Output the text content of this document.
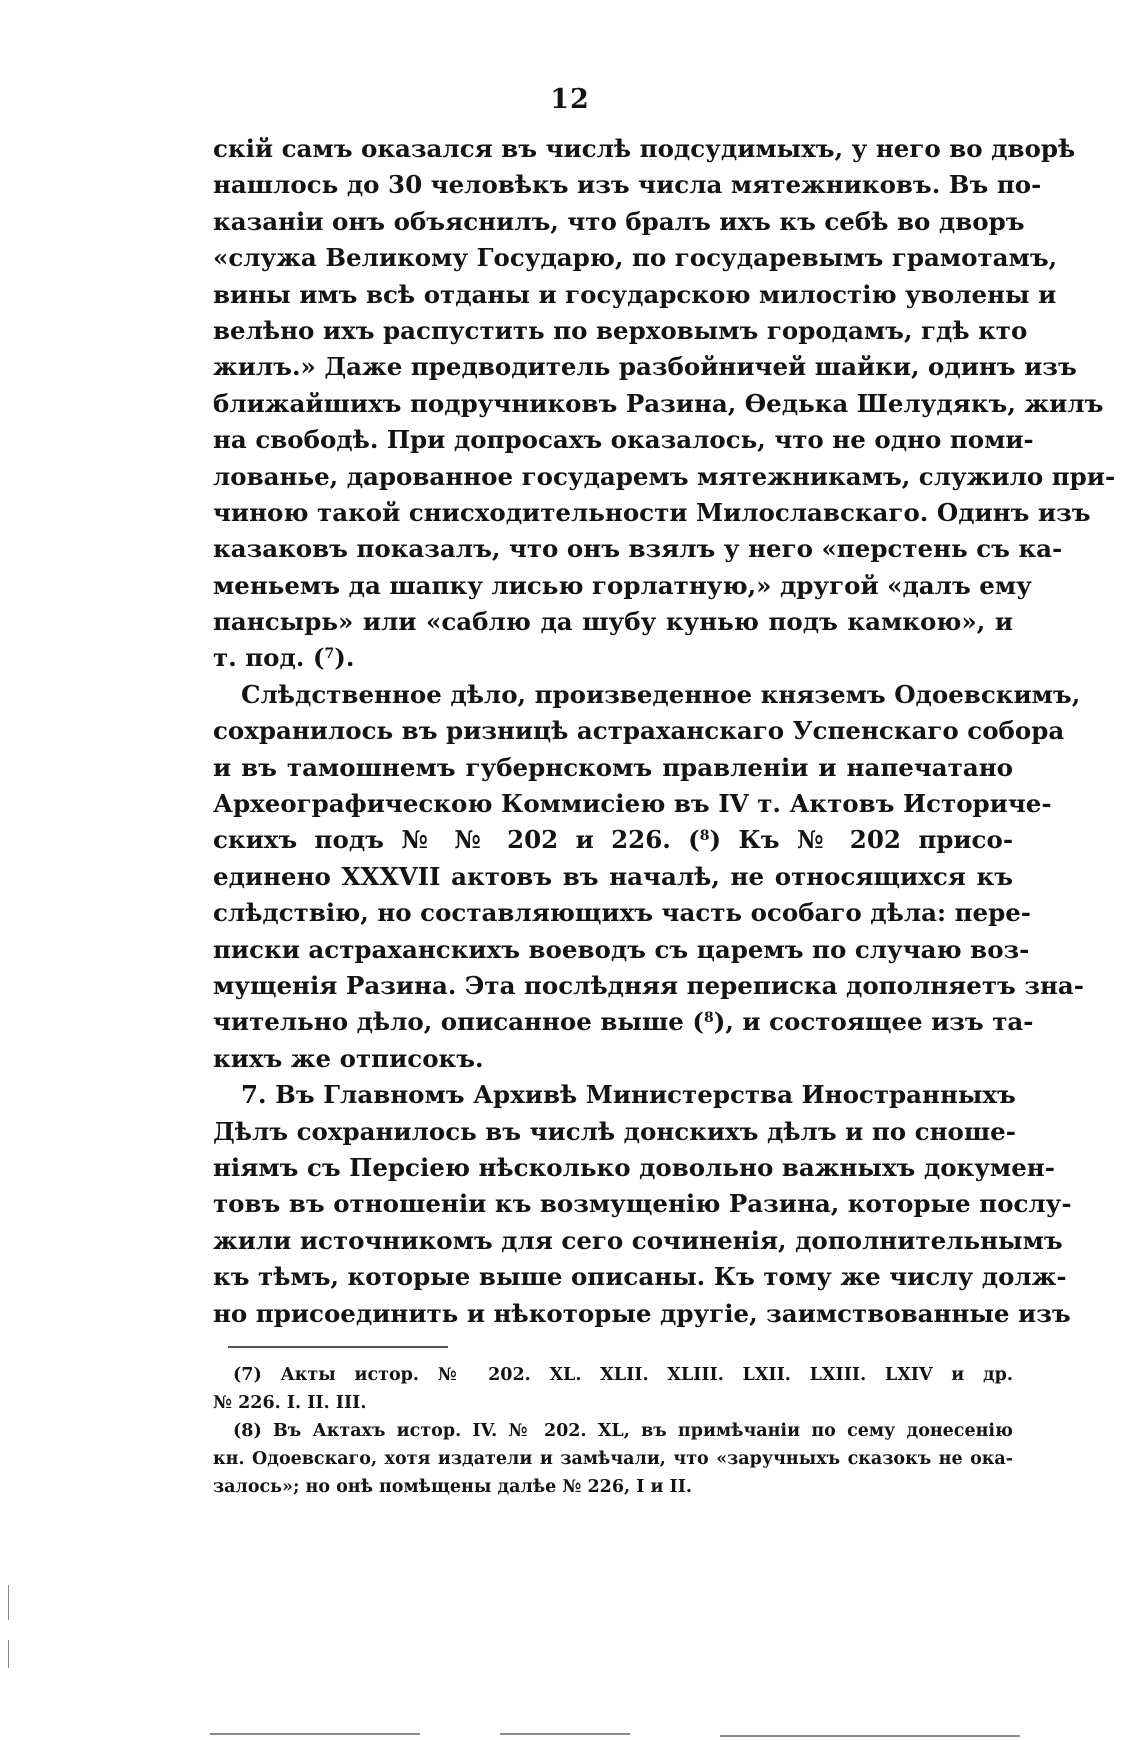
12
скій самъ оказался въ числѣ подсудимыхъ, у него во дворѣ
нашлось до 30 человѣкъ изъ числа мятежниковъ. Въ по-
казаніи онъ объяснилъ, что бралъ ихъ къ себѣ во дворъ
«служа Великому Государю, по государевымъ грамотамъ,
вины имъ всѣ отданы и государскою милостію уволены и
велѣно ихъ распустить по верховымъ городамъ, гдѣ кто
жилъ.» Даже предводитель разбойничей шайки, одинъ изъ
ближайшихъ подручниковъ Разина, Ѳедька Шелудякъ, жилъ
на свободѣ. При допросахъ оказалось, что не одно поми-
лованье, дарованное государемъ мятежникамъ, служило при-
чиною такой снисходительности Милославскаго. Одинъ изъ
казаковъ показалъ, что онъ взялъ у него «перстень съ ка-
меньемъ да шапку лисью горлатную,» другой «далъ ему
пансырь» или «саблю да шубу кунью подъ камкою», и
т. под. ($^7$).
Слѣдственное дѣло, произведенное княземъ Одоевскимъ,
сохранилось въ ризницѣ астраханскаго Успенскаго собора
и въ тамошнемъ губернскомъ правленіи и напечатано
Археографическою Коммисіею въ IV т. Актовъ Историче-
скихъ подъ № № 202 и 226. ($^8$) Къ № 202 присо-
единено XXXVII актовъ въ началѣ, не относящихся къ
слѣдствію, но составляющихъ часть особаго дѣла: пере-
писки астраханскихъ воеводъ съ царемъ по случаю воз-
мущенія Разина. Эта послѣдняя переписка дополняетъ зна-
чительно дѣло, описанное выше ($^8$), и состоящее изъ та-
кихъ же отписокъ.
7. Въ Главномъ Архивѣ Министерства Иностранныхъ
Дѣлъ сохранилось въ числѣ донскихъ дѣлъ и по сноше-
ніямъ съ Персіею нѣсколько довольно важныхъ докумен-
товъ въ отношеніи къ возмущенію Разина, которые послу-
жили источникомъ для сего сочиненія, дополнительнымъ
къ тѣмъ, которые выше описаны. Къ тому же числу долж-
но присоединить и нѣкоторые другіе, заимствованные изъ
(7) Акты истор. № 202. XL. XLII. XLIII. LXII. LXIII. LXIV и др.
№ 226. I. II. III.
(8) Въ Актахъ истор. IV. № 202. XL, въ примѣчаніи по сему донесенію
кн. Одоевскаго, хотя издатели и замѣчали, что «заручныхъ сказокъ не ока-
залось»; но онѣ помѣщены далѣе № 226, I и II.
